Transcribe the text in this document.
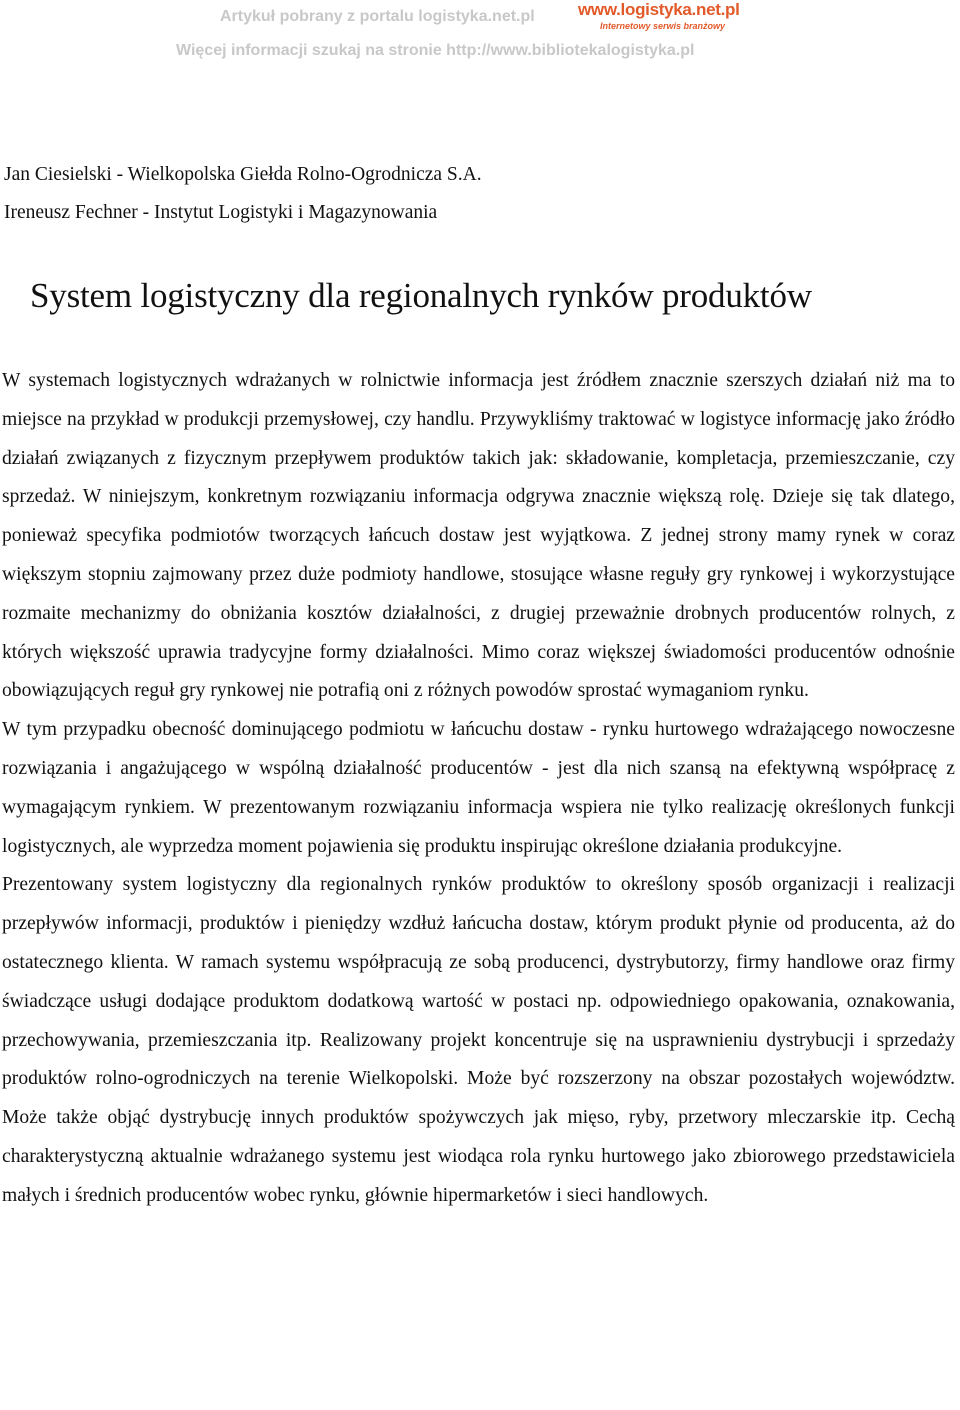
Artykuł pobrany z portalu logistyka.net.pl	www.logistyka.net.pl
Internetowy serwis branżowy
Więcej informacji szukaj na stronie http://www.bibliotekalogistyka.pl
Jan Ciesielski - Wielkopolska Giełda Rolno-Ogrodnicza S.A.
Ireneusz Fechner - Instytut Logistyki i Magazynowania
System logistyczny dla regionalnych rynków produktów

W systemach logistycznych wdrażanych w rolnictwie informacja jest źródłem znacznie szerszych działań niż ma to miejsce na przykład w produkcji przemysłowej, czy handlu. Przywykliśmy traktować w logistyce informację jako źródło działań związanych z fizycznym przepływem produktów takich jak: składowanie, kompletacja, przemieszczanie, czy sprzedaż. W niniejszym, konkretnym rozwiązaniu informacja odgrywa znacznie większą rolę. Dzieje się tak dlatego, ponieważ specyfika podmiotów tworzących łańcuch dostaw jest wyjątkowa. Z jednej strony mamy rynek w coraz większym stopniu zajmowany przez duże podmioty handlowe, stosujące własne reguły gry rynkowej i wykorzystujące rozmaite mechanizmy do obniżania kosztów działalności, z drugiej przeważnie drobnych producentów rolnych, z których większość uprawia tradycyjne formy działalności. Mimo coraz większej świadomości producentów odnośnie obowiązujących reguł gry rynkowej nie potrafią oni z różnych powodów sprostać wymaganiom rynku.

W tym przypadku obecność dominującego podmiotu w łańcuchu dostaw - rynku hurtowego wdrażającego nowoczesne rozwiązania i angażującego w wspólną działalność producentów - jest dla nich szansą na efektywną współpracę z wymagającym rynkiem. W prezentowanym rozwiązaniu informacja wspiera nie tylko realizację określonych funkcji logistycznych, ale wyprzedza moment pojawienia się produktu inspirując określone działania produkcyjne.

Prezentowany system logistyczny dla regionalnych rynków produktów to określony sposób organizacji i realizacji przepływów informacji, produktów i pieniędzy wzdłuż łańcucha dostaw, którym produkt płynie od producenta, aż do ostatecznego klienta. W ramach systemu współpracują ze sobą producenci, dystrybutorzy, firmy handlowe oraz firmy świadczące usługi dodające produktom dodatkową wartość w postaci np. odpowiedniego opakowania, oznakowania, przechowywania, przemieszczania itp. Realizowany projekt koncentruje się na usprawnieniu dystrybucji i sprzedaży produktów rolno-ogrodniczych na terenie Wielkopolski. Może być rozszerzony na obszar pozostałych województw. Może także objąć dystrybucję innych produktów spożywczych jak mięso, ryby, przetwory mleczarskie itp. Cechą charakterystyczną aktualnie wdrażanego systemu jest wiodąca rola rynku hurtowego jako zbiorowego przedstawiciela małych i średnich producentów wobec rynku, głównie hipermarketów i sieci handlowych.
